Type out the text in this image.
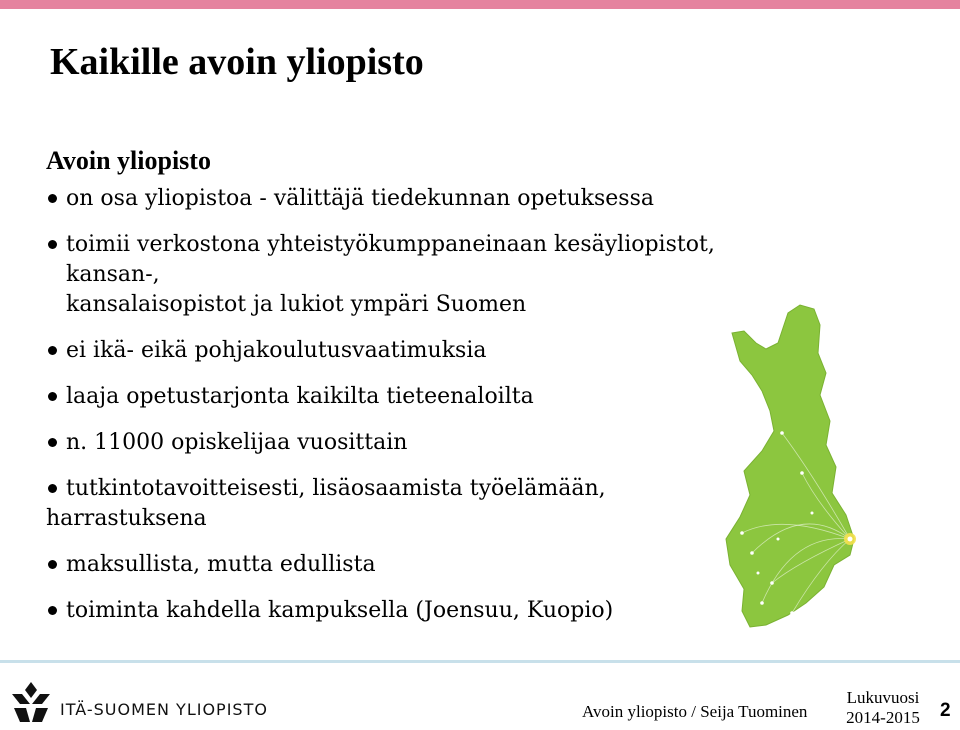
Kaikille avoin yliopisto
Avoin yliopisto
on osa yliopistoa - välittäjä tiedekunnan opetuksessa
toimii verkostona yhteistyökumppaneinaan kesäyliopistot, kansan-,
kansalaisopistot ja lukiot ympäri Suomen
ei ikä- eikä pohjakoulutusvaatimuksia
laaja opetustarjonta kaikilta tieteenaloilta
n. 11000 opiskelijaa vuosittain
tutkintotavoitteisesti, lisäosaamista työelämään,
harrastuksena
maksullista, mutta edullista
toiminta kahdella kampuksella (Joensuu, Kuopio)
ITÄ-SUOMEN YLIOPISTO	Avoin yliopisto / Seija Tuominen
Lukuvuosi
2014-2015	2
